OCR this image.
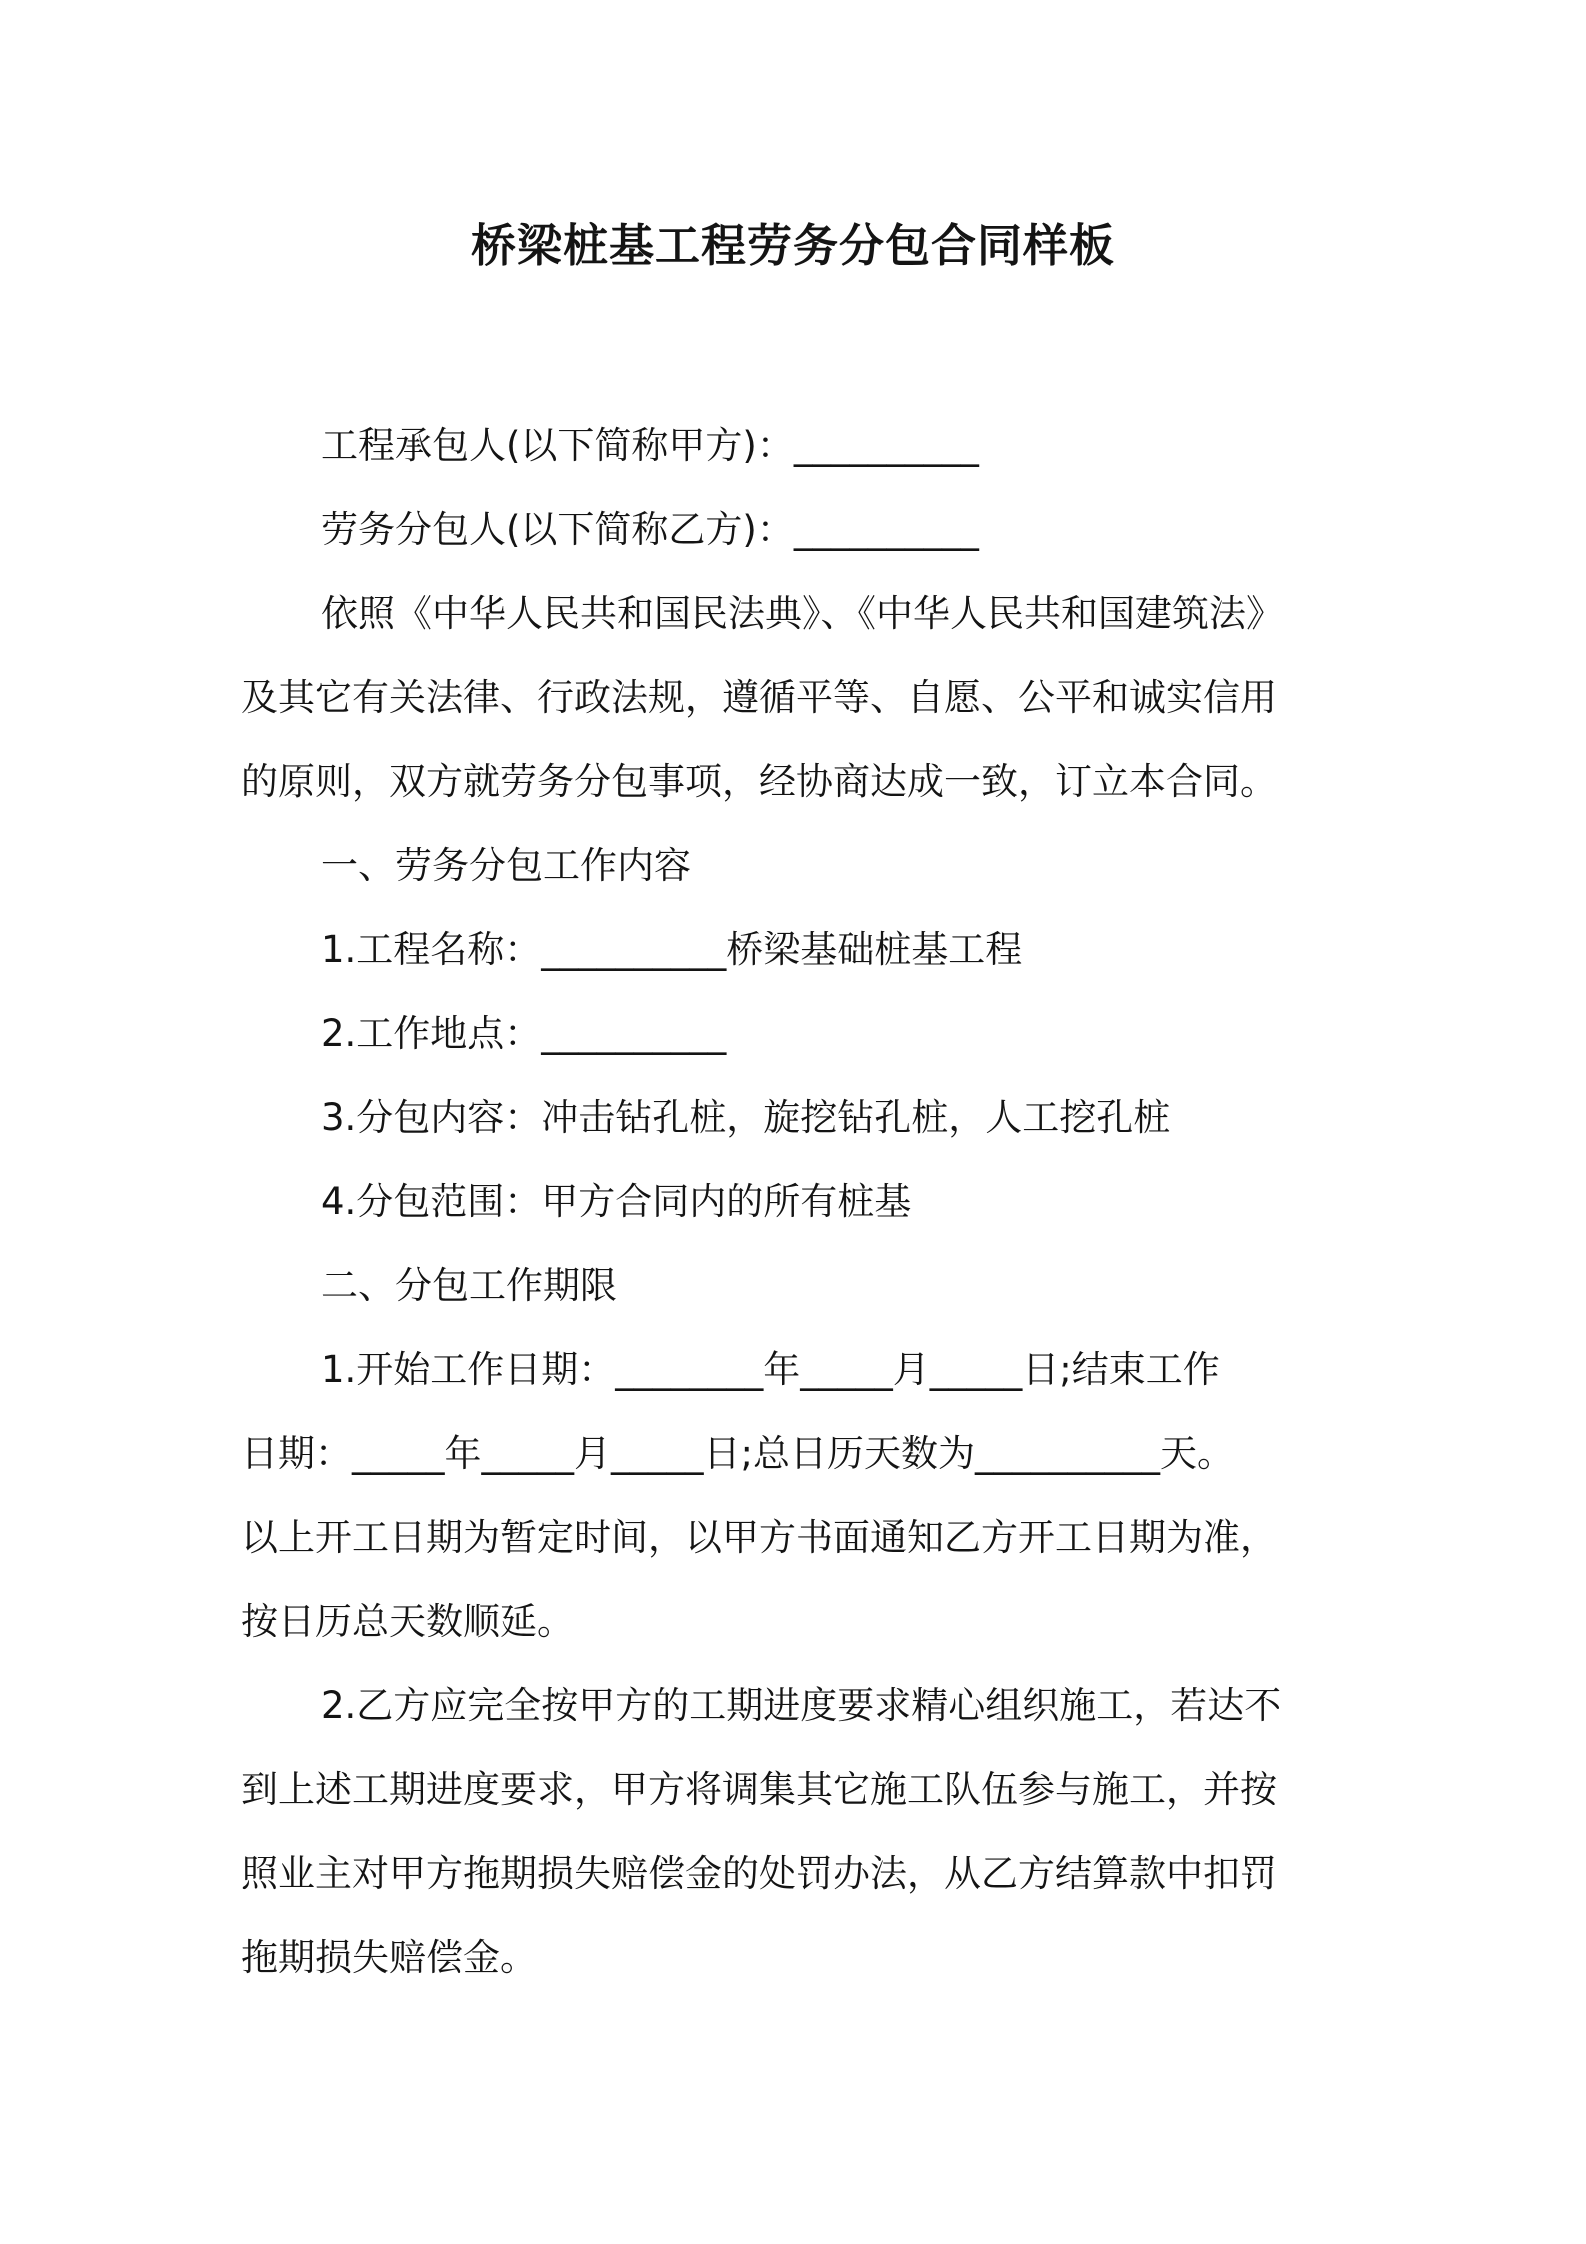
桥梁桩基工程劳务分包合同样板
工程承包人(以下简称甲方)：__________
劳务分包人(以下简称乙方)：__________
依照《中华人民共和国民法典》、《中华人民共和国建筑法》
及其它有关法律、行政法规，遵循平等、自愿、公平和诚实信用
的原则，双方就劳务分包事项，经协商达成一致，订立本合同。
一、劳务分包工作内容
1.工程名称：__________桥梁基础桩基工程
2.工作地点：__________
3.分包内容：冲击钻孔桩，旋挖钻孔桩，人工挖孔桩
4.分包范围：甲方合同内的所有桩基
二、分包工作期限
1.开始工作日期：________年_____月_____日;结束工作
日期：_____年_____月_____日;总日历天数为__________天。
以上开工日期为暂定时间，以甲方书面通知乙方开工日期为准，
按日历总天数顺延。
2.乙方应完全按甲方的工期进度要求精心组织施工，若达不
到上述工期进度要求，甲方将调集其它施工队伍参与施工，并按
照业主对甲方拖期损失赔偿金的处罚办法，从乙方结算款中扣罚
拖期损失赔偿金。
